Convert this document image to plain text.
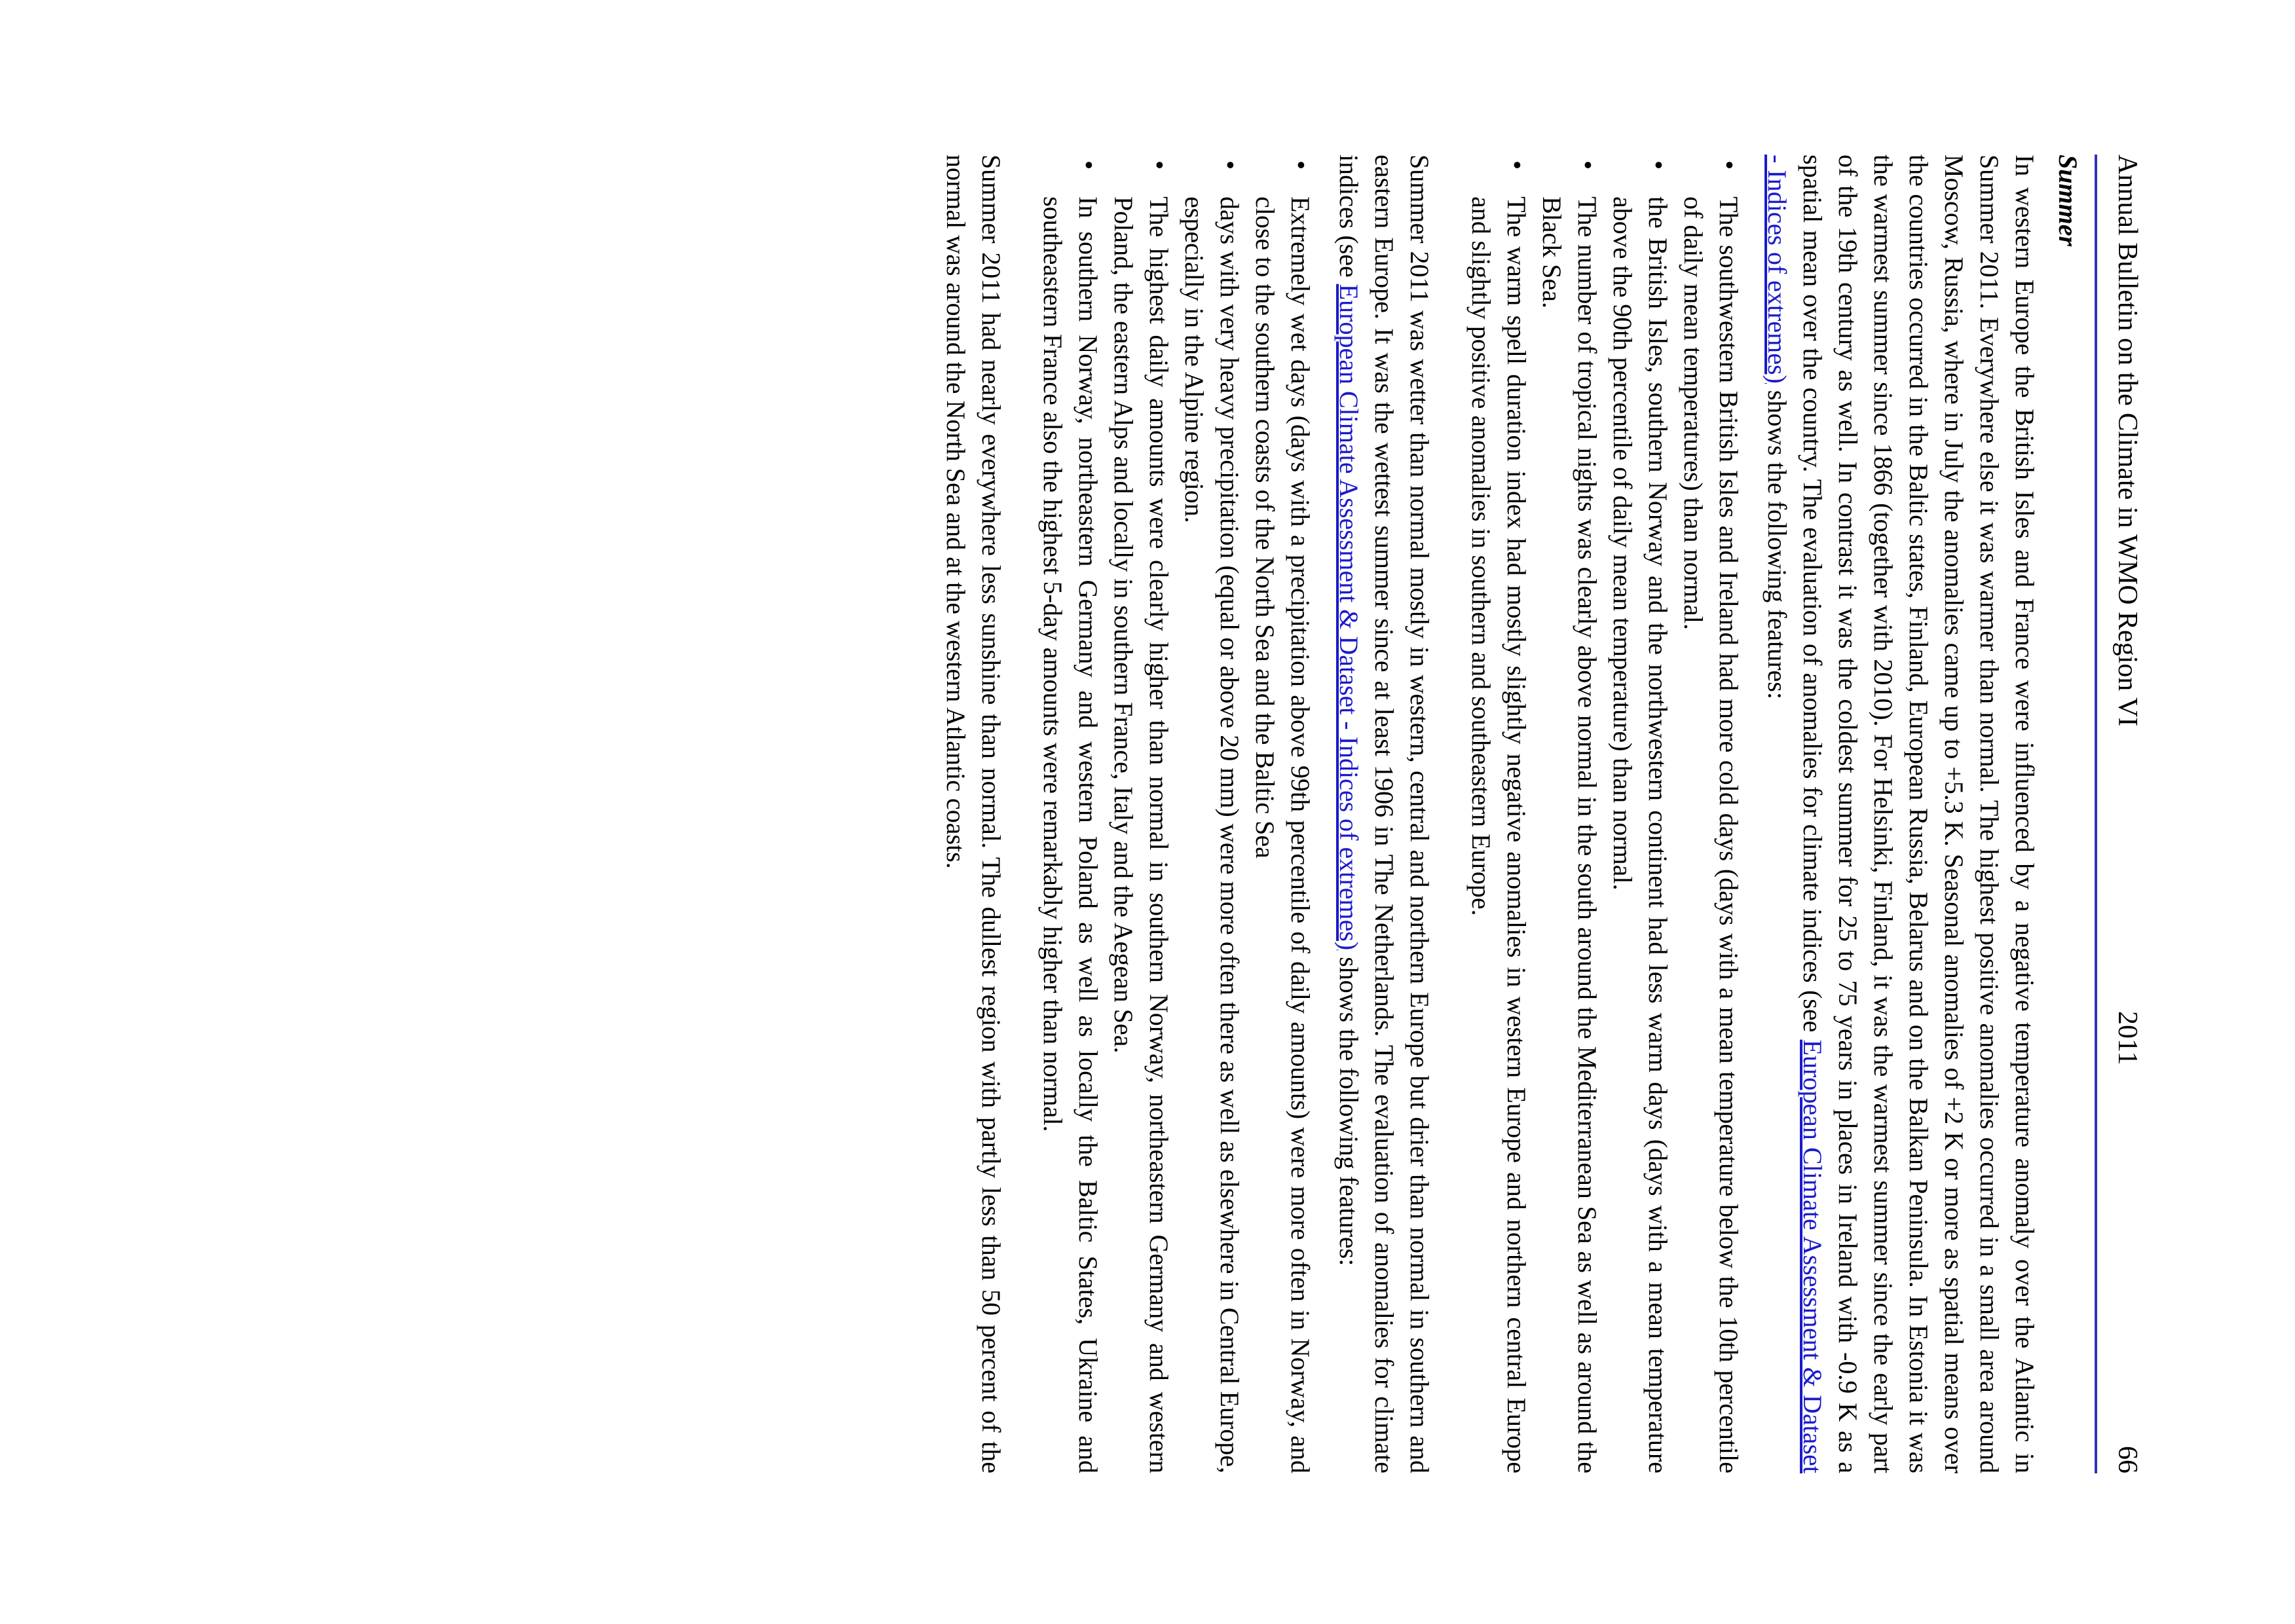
Annual Bulletin on the Climate in WMO Region VI
2011
66
Summer

In western Europe the British Isles and France were influenced by a negative temperature anomaly over the Atlantic in Summer 2011. Everywhere else it was warmer than normal. The highest positive anomalies occurred in a small area around Moscow, Russia, where in July the anomalies came up to +5.3 K. Seasonal anomalies of +2 K or more as spatial means over the countries occurred in the Baltic states, Finland, European Russia, Belarus and on the Balkan Peninsula. In Estonia it was the warmest summer since 1866 (together with 2010). For Helsinki, Finland, it was the warmest summer since the early part of the 19th century as well. In contrast it was the coldest summer for 25 to 75 years in places in Ireland with -0.9 K as a spatial mean over the country. The evaluation of anomalies for climate indices (see European Climate Assessment & Dataset - Indices of extremes) shows the following features:

•
The southwestern British Isles and Ireland had more cold days (days with a mean temperature below the 10th percentile of daily mean temperatures) than normal.
•
the British Isles, southern Norway and the northwestern continent had less warm days (days with a mean temperature above the 90th percentile of daily mean temperature) than normal.
•
The number of tropical nights was clearly above normal in the south around the Mediterranean Sea as well as around the Black Sea.
•
The warm spell duration index had mostly slightly negative anomalies in western Europe and northern central Europe and slightly positive anomalies in southern and southeastern Europe.

Summer 2011 was wetter than normal mostly in western, central and northern Europe but drier than normal in southern and eastern Europe. It was the wettest summer since at least 1906 in The Netherlands. The evaluation of anomalies for climate indices (see European Climate Assessment & Dataset - Indices of extremes) shows the following features:

•
Extremely wet days (days with a precipitation above 99th percentile of daily amounts) were more often in Norway, and close to the southern coasts of the North Sea and the Baltic Sea
•
days with very heavy precipitation (equal or above 20 mm) were more often there as well as elsewhere in Central Europe, especially in the Alpine region.
•
The highest daily amounts were clearly higher than normal in southern Norway, northeastern Germany and western Poland, the eastern Alps and locally in southern France, Italy and the Aegean Sea.
•
In southern Norway, northeastern Germany and western Poland as well as locally the Baltic States, Ukraine and southeastern France also the highest 5-day amounts were remarkably higher than normal.

Summer 2011 had nearly everywhere less sunshine than normal. The dullest region with partly less than 50 percent of the normal was around the North Sea and at the western Atlantic coasts.
